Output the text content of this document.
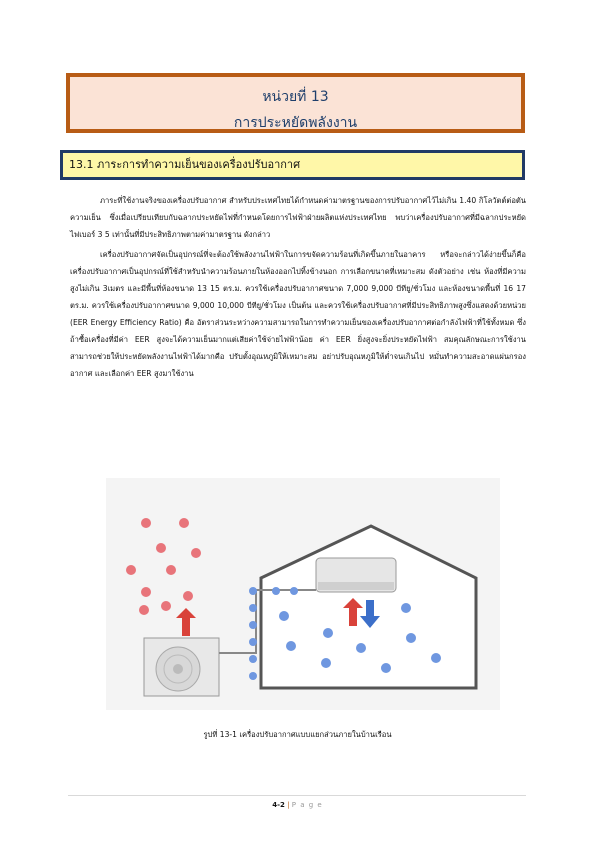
หน่วยที่ 13
การประหยัดพลังงาน
13.1 ภาระการทำความเย็นของเครื่องปรับอากาศ

ภาระที่ใช้งานจริงของเครื่องปรับอากาศ สำหรับประเทศไทยได้กำหนดค่ามาตรฐานของการปรับอากาศไว้ไม่เกิน 1.40 กิโลวัตต์ต่อตันความเย็น ซึ่งเมื่อเปรียบเทียบกับฉลากประหยัดไฟที่กำหนดโดยการไฟฟ้าฝ่ายผลิตแห่งประเทศไทย พบว่าเครื่องปรับอากาศที่มีฉลากประหยัดไฟเบอร์ 3 5 เท่านั้นที่มีประสิทธิภาพตามค่ามาตรฐาน ดังกล่าว

เครื่องปรับอากาศจัดเป็นอุปกรณ์ที่จะต้องใช้พลังงานไฟฟ้าในการขจัดความร้อนที่เกิดขึ้นภายในอาคาร หรือจะกล่าวได้ง่ายขึ้นก็คือ เครื่องปรับอากาศเป็นอุปกรณ์ที่ใช้สำหรับนำความร้อนภายในห้องออกไปทิ้งข้างนอก การเลือกขนาดที่เหมาะสม ดังตัวอย่าง เช่น ห้องที่มีความสูงไม่เกิน 3เมตร และมีพื้นที่ห้องขนาด 13 15 ตร.ม. ควรใช้เครื่องปรับอากาศขนาด 7,000 9,000 บีทียู/ชั่วโมง และห้องขนาดพื้นที่ 16 17 ตร.ม. ควรใช้เครื่องปรับอากาศขนาด 9,000 10,000 บีทียู/ชั่วโมง เป็นต้น และควรใช้เครื่องปรับอากาศที่มีประสิทธิภาพสูงซึ่งแสดงด้วยหน่วย (EER Energy Efficiency Ratio) คือ อัตราส่วนระหว่างความสามารถในการทำความเย็นของเครื่องปรับอากาศต่อกำลังไฟฟ้าที่ใช้ทั้งหมด ซึ่งถ้าซื้อเครื่องที่มีค่า EER สูงจะได้ความเย็นมากแต่เสียค่าใช้จ่ายไฟฟ้าน้อย ค่า EER ยิ่งสูงจะยิ่งประหยัดไฟฟ้า สมคุณลักษณะการใช้งานสามารถช่วยให้ประหยัดพลังงานไฟฟ้าได้มากคือ ปรับตั้งอุณหภูมิให้เหมาะสม อย่าปรับอุณหภูมิให้ต่ำจนเกินไป หมั่นทำความสะอาดแผ่นกรองอากาศ และเลือกค่า EER สูงมาใช้งาน

รูปที่ 13-1 เครื่องปรับอากาศแบบแยกส่วนภายในบ้านเรือน
4-2 | P a g e
